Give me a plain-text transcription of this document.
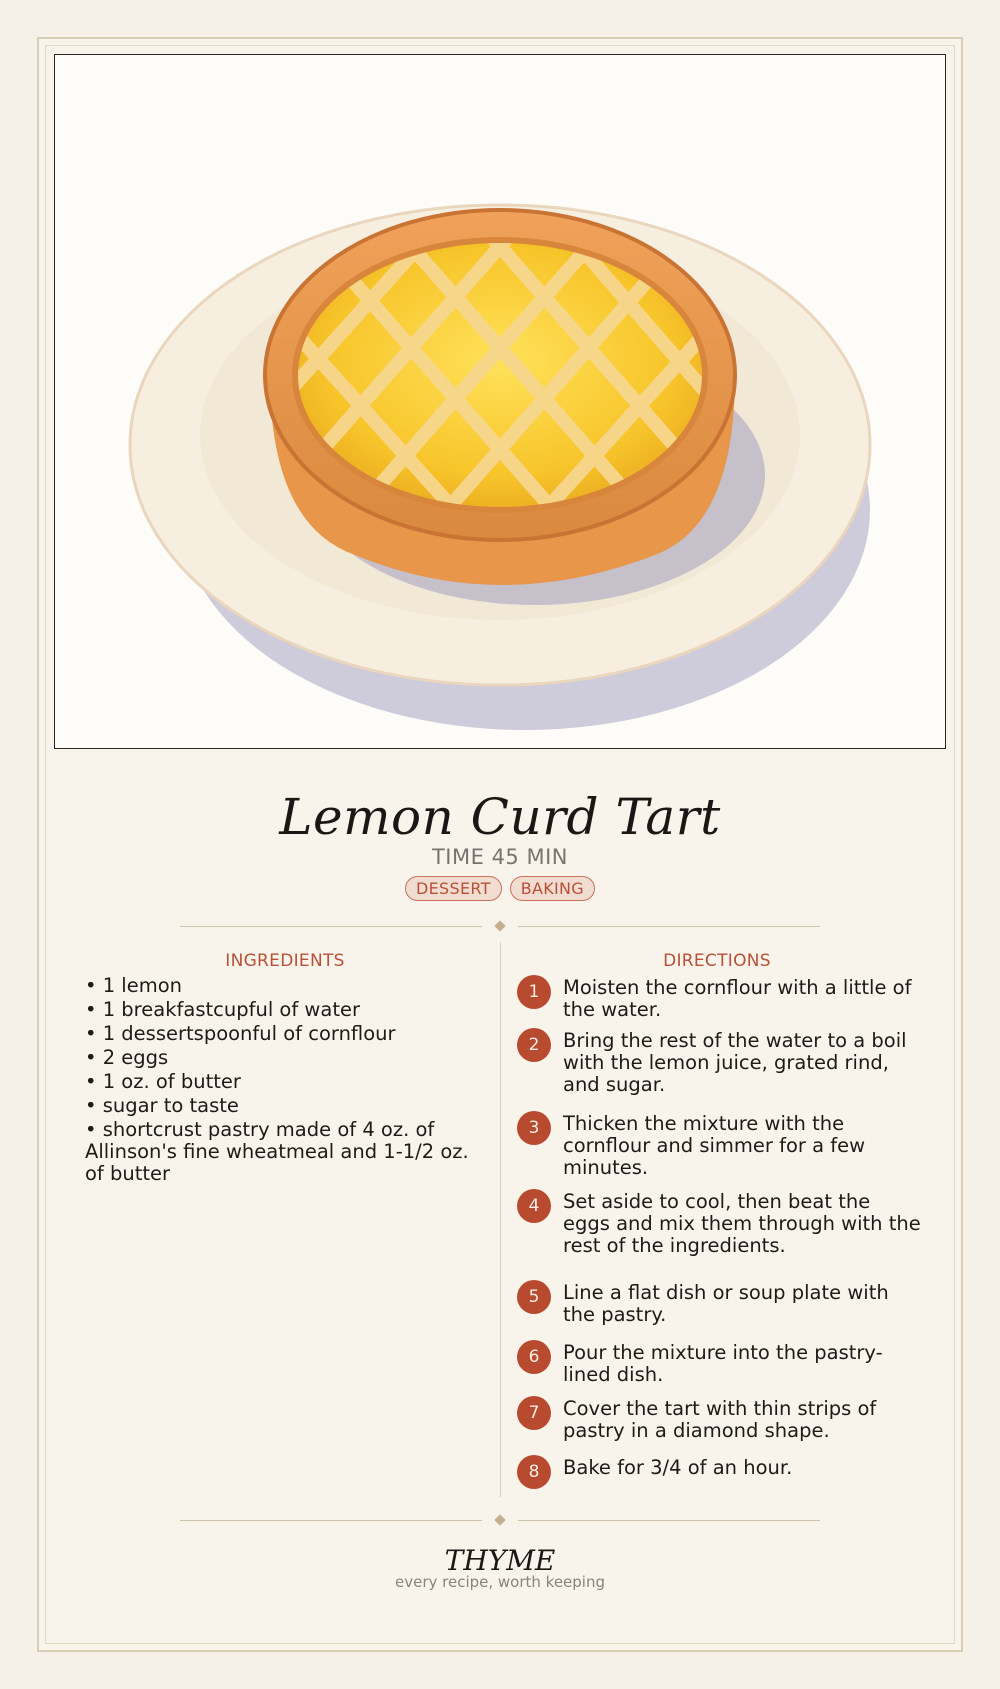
Lemon Curd Tart
TIME 45 MIN
DESSERT	BAKING
INGREDIENTS	DIRECTIONS
• 1 lemon
• 1 breakfastcupful of water
• 1 dessertspoonful of cornflour
• 2 eggs
• 1 oz. of butter
• sugar to taste
• shortcrust pastry made of 4 oz. of Allinson's fine wheatmeal and 1-1/2 oz. of butter
1	Moisten the cornflour with a little of the water.
2	Bring the rest of the water to a boil with the lemon juice, grated rind, and sugar.
3	Thicken the mixture with the cornflour and simmer for a few minutes.
4	Set aside to cool, then beat the eggs and mix them through with the rest of the ingredients.
5	Line a flat dish or soup plate with the pastry.
6	Pour the mixture into the pastry-lined dish.
7	Cover the tart with thin strips of pastry in a diamond shape.
8	Bake for 3/4 of an hour.
THYME
every recipe, worth keeping
